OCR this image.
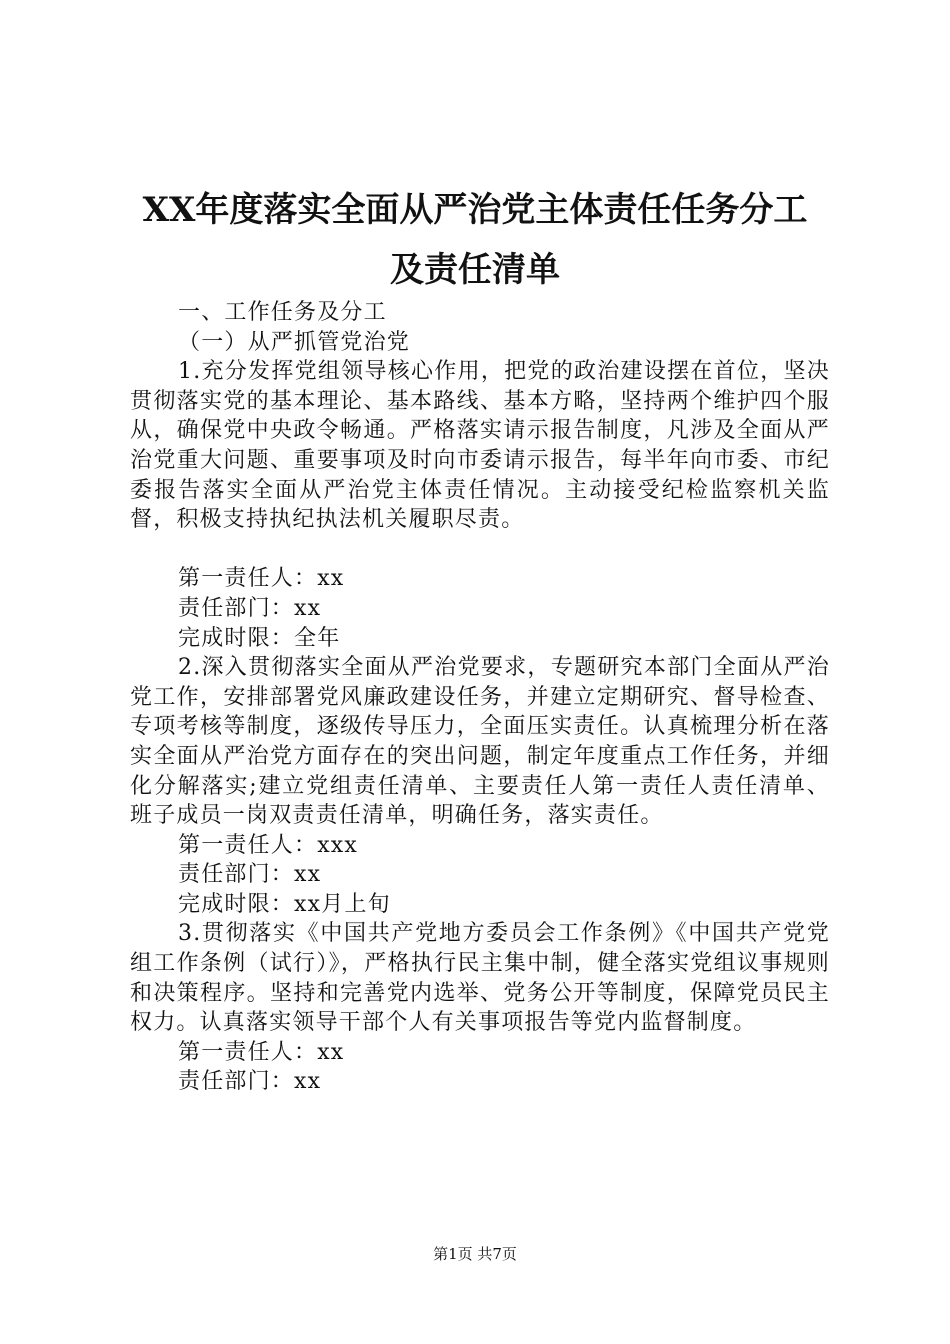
XX年度落实全面从严治党主体责任任务分工
及责任清单

一、工作任务及分工

（一）从严抓管党治党

1.充分发挥党组领导核心作用，把党的政治建设摆在首位，坚决贯彻落实党的基本理论、基本路线、基本方略，坚持两个维护四个服从，确保党中央政令畅通。严格落实请示报告制度，凡涉及全面从严治党重大问题、重要事项及时向市委请示报告，每半年向市委、市纪委报告落实全面从严治党主体责任情况。主动接受纪检监察机关监督，积极支持执纪执法机关履职尽责。

第一责任人：xx

责任部门：xx

完成时限：全年

2.深入贯彻落实全面从严治党要求，专题研究本部门全面从严治党工作，安排部署党风廉政建设任务，并建立定期研究、督导检查、专项考核等制度，逐级传导压力，全面压实责任。认真梳理分析在落实全面从严治党方面存在的突出问题，制定年度重点工作任务，并细化分解落实;建立党组责任清单、主要责任人第一责任人责任清单、班子成员一岗双责责任清单，明确任务，落实责任。

第一责任人：xxx

责任部门：xx

完成时限：xx月上旬

3.贯彻落实《中国共产党地方委员会工作条例》《中国共产党党组工作条例（试行）》，严格执行民主集中制，健全落实党组议事规则和决策程序。坚持和完善党内选举、党务公开等制度，保障党员民主权力。认真落实领导干部个人有关事项报告等党内监督制度。

第一责任人：xx

责任部门：xx

第1页 共7页
